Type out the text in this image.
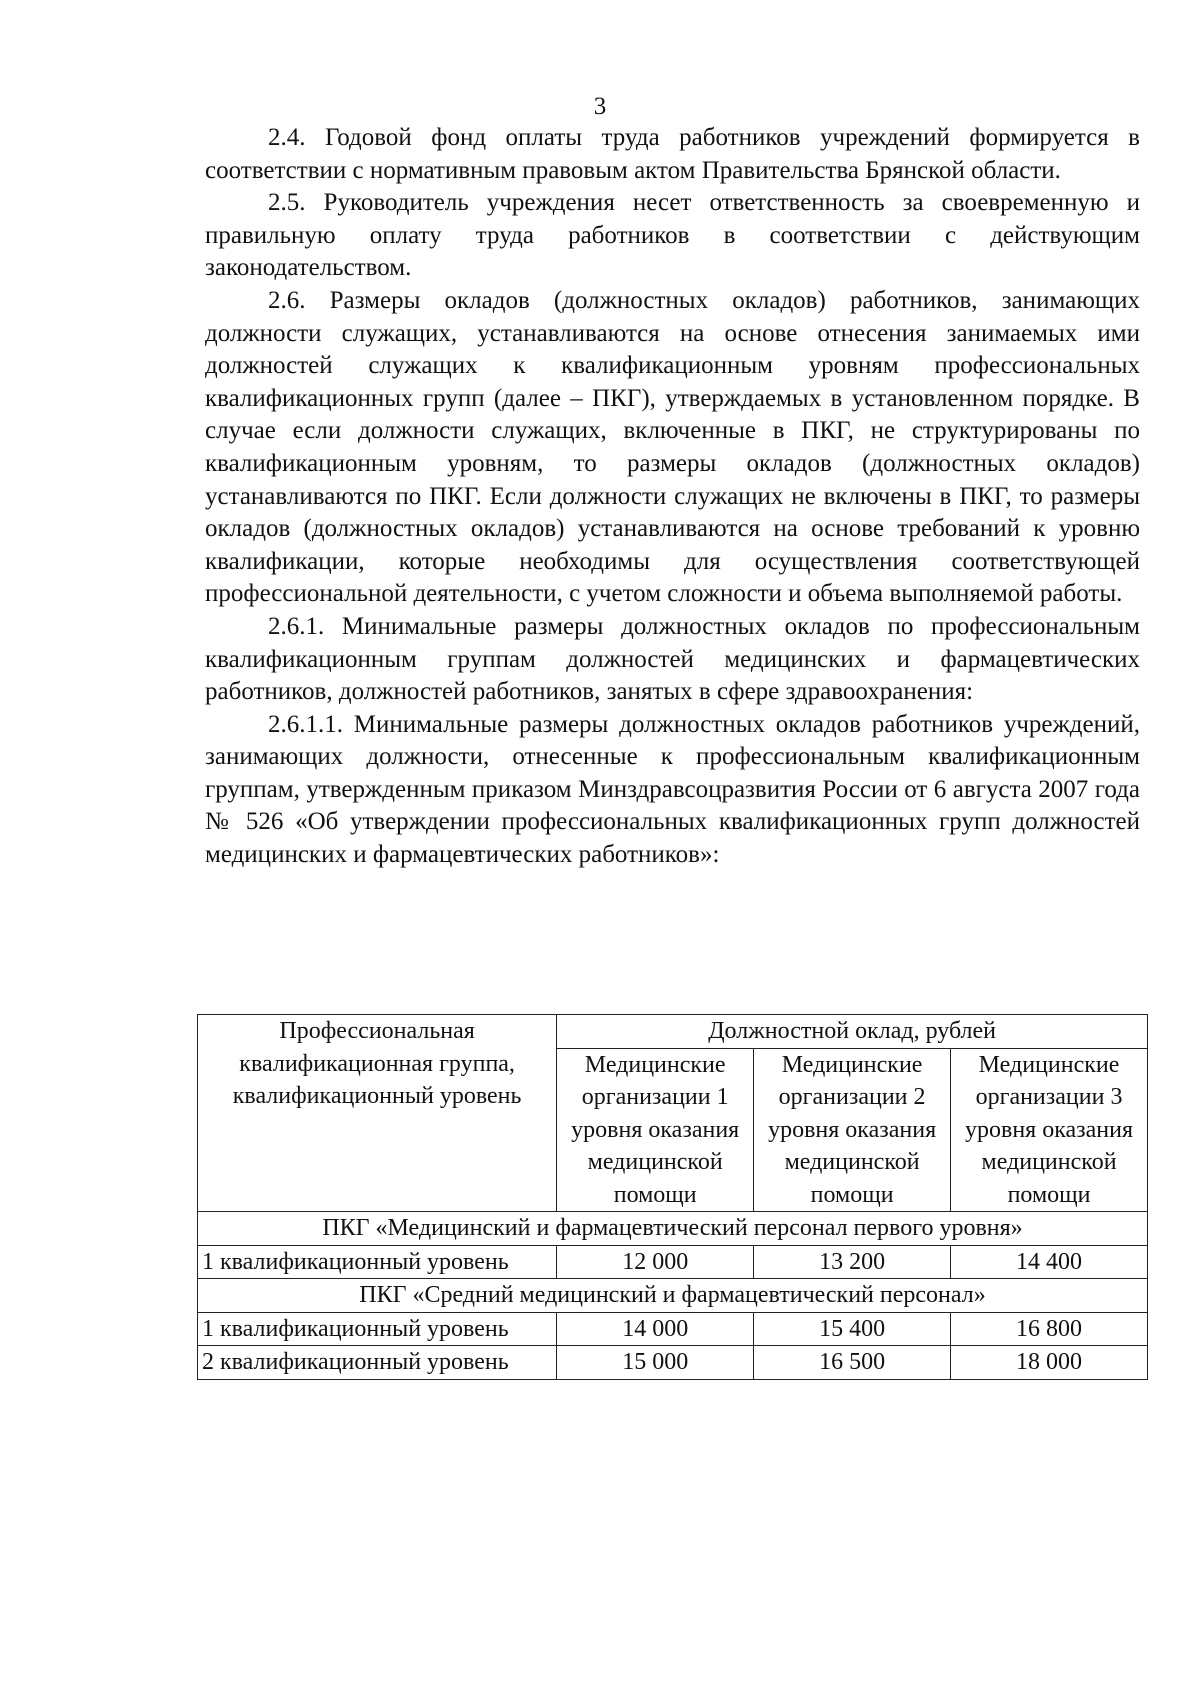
3

2.4. Годовой фонд оплаты труда работников учреждений формируется в соответствии с нормативным правовым актом Правительства Брянской области.

2.5. Руководитель учреждения несет ответственность за своевременную и правильную оплату труда работников в соответствии с действующим законодательством.

2.6. Размеры окладов (должностных окладов) работников, занимающих должности служащих, устанавливаются на основе отнесения занимаемых ими должностей служащих к квалификационным уровням профессиональных квалификационных групп (далее – ПКГ), утверждаемых в установленном порядке. В случае если должности служащих, включенные в ПКГ, не структурированы по квалификационным уровням, то размеры окладов (должностных окладов) устанавливаются по ПКГ. Если должности служащих не включены в ПКГ, то размеры окладов (должностных окладов) устанавливаются на основе требований к уровню квалификации, которые необходимы для осуществления соответствующей профессиональной деятельности, с учетом сложности и объема выполняемой работы.

2.6.1. Минимальные размеры должностных окладов по профессиональным квалификационным группам должностей медицинских и фармацевтических работников, должностей работников, занятых в сфере здравоохранения:

2.6.1.1. Минимальные размеры должностных окладов работников учреждений, занимающих должности, отнесенные к профессиональным квалификационным группам, утвержденным приказом Минздравсоцразвития России от 6 августа 2007 года № 526 «Об утверждении профессиональных квалификационных групп должностей медицинских и фармацевтических работников»:

Профессиональная квалификационная группа, квалификационный уровень	Должностной оклад, рублей		
	Медицинские организации 1 уровня оказания медицинской помощи	Медицинские организации 2 уровня оказания медицинской помощи	Медицинские организации 3 уровня оказания медицинской помощи
ПКГ «Медицинский и фармацевтический персонал первого уровня»			
1 квалификационный уровень	12 000	13 200	14 400
ПКГ «Средний медицинский и фармацевтический персонал»			
1 квалификационный уровень	14 000	15 400	16 800
2 квалификационный уровень	15 000	16 500	18 000
